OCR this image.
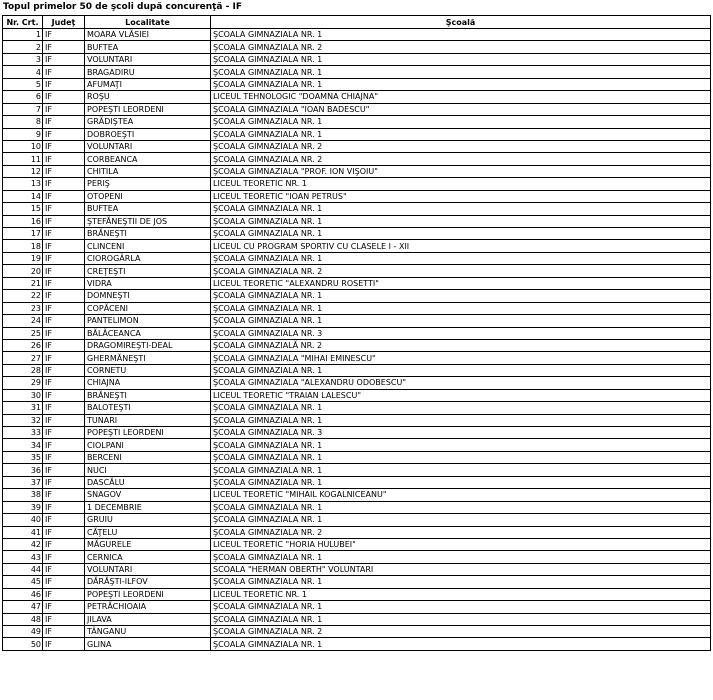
Topul primelor 50 de şcoli după concurenţă - IF
Nr. Crt.	Judeţ	Localitate	Şcoală
1	IF	MOARA VLĂSIEI	ŞCOALA GIMNAZIALA NR. 1
2	IF	BUFTEA	ŞCOALA GIMNAZIALA NR. 2
3	IF	VOLUNTARI	ŞCOALA GIMNAZIALA NR. 1
4	IF	BRAGADIRU	ŞCOALA GIMNAZIALA NR. 1
5	IF	AFUMAŢI	ŞCOALA GIMNAZIALA NR. 1
6	IF	ROŞU	LICEUL TEHNOLOGIC "DOAMNA CHIAJNA"
7	IF	POPEŞTI LEORDENI	ŞCOALA GIMNAZIALA "IOAN BADESCU"
8	IF	GRĂDIŞTEA	ŞCOALA GIMNAZIALA NR. 1
9	IF	DOBROEŞTI	ŞCOALA GIMNAZIALA NR. 1
10	IF	VOLUNTARI	ŞCOALA GIMNAZIALA NR. 2
11	IF	CORBEANCA	ŞCOALA GIMNAZIALA NR. 2
12	IF	CHITILA	ŞCOALA GIMNAZIALA "PROF. ION VIŞOIU"
13	IF	PERIŞ	LICEUL TEORETIC NR. 1
14	IF	OTOPENI	LICEUL TEORETIC "IOAN PETRUS"
15	IF	BUFTEA	ŞCOALA GIMNAZIALA NR. 1
16	IF	ŞTEFĂNEŞTII DE JOS	ŞCOALA GIMNAZIALA NR. 1
17	IF	BRĂNEŞTI	ŞCOALA GIMNAZIALA NR. 1
18	IF	CLINCENI	LICEUL CU PROGRAM SPORTIV CU CLASELE I - XII
19	IF	CIOROGÂRLA	ŞCOALA GIMNAZIALA NR. 1
20	IF	CREŢEŞTI	ŞCOALA GIMNAZIALA NR. 2
21	IF	VIDRA	LICEUL TEORETIC "ALEXANDRU ROSETTI"
22	IF	DOMNEŞTI	ŞCOALA GIMNAZIALA NR. 1
23	IF	COPĂCENI	ŞCOALA GIMNAZIALA NR. 1
24	IF	PANTELIMON	ŞCOALA GIMNAZIALA NR. 1
25	IF	BĂLĂCEANCA	ŞCOALA GIMNAZIALA NR. 3
26	IF	DRAGOMIREŞTI-DEAL	ŞCOALA GIMNAZIALĂ NR. 2
27	IF	GHERMĂNEŞTI	ŞCOALA GIMNAZIALA "MIHAI EMINESCU"
28	IF	CORNETU	ŞCOALA GIMNAZIALA NR. 1
29	IF	CHIAJNA	ŞCOALA GIMNAZIALA "ALEXANDRU ODOBESCU"
30	IF	BRĂNEŞTI	LICEUL TEORETIC "TRAIAN LALESCU"
31	IF	BALOTEŞTI	ŞCOALA GIMNAZIALA NR. 1
32	IF	TUNARI	ŞCOALA GIMNAZIALA NR. 1
33	IF	POPEŞTI LEORDENI	ŞCOALA GIMNAZIALA NR. 3
34	IF	CIOLPANI	ŞCOALA GIMNAZIALA NR. 1
35	IF	BERCENI	ŞCOALA GIMNAZIALA NR. 1
36	IF	NUCI	ŞCOALA GIMNAZIALA NR. 1
37	IF	DASCĂLU	ŞCOALA GIMNAZIALA NR. 1
38	IF	SNAGOV	LICEUL TEORETIC "MIHAIL KOGALNICEANU"
39	IF	1 DECEMBRIE	ŞCOALA GIMNAZIALA NR. 1
40	IF	GRUIU	ŞCOALA GIMNAZIALA NR. 1
41	IF	CĂŢELU	ŞCOALA GIMNAZIALA NR. 2
42	IF	MĂGURELE	LICEUL TEORETIC "HORIA HULUBEI"
43	IF	CERNICA	ŞCOALA GIMNAZIALA NR. 1
44	IF	VOLUNTARI	SCOALA "HERMAN OBERTH" VOLUNTARI
45	IF	DĂRĂŞTI-ILFOV	ŞCOALA GIMNAZIALA NR. 1
46	IF	POPEŞTI LEORDENI	LICEUL TEORETIC NR. 1
47	IF	PETRĂCHIOAIA	ŞCOALA GIMNAZIALA NR. 1
48	IF	JILAVA	ŞCOALA GIMNAZIALA NR. 1
49	IF	TÂNGANU	ŞCOALA GIMNAZIALA NR. 2
50	IF	GLINA	ŞCOALA GIMNAZIALA NR. 1
